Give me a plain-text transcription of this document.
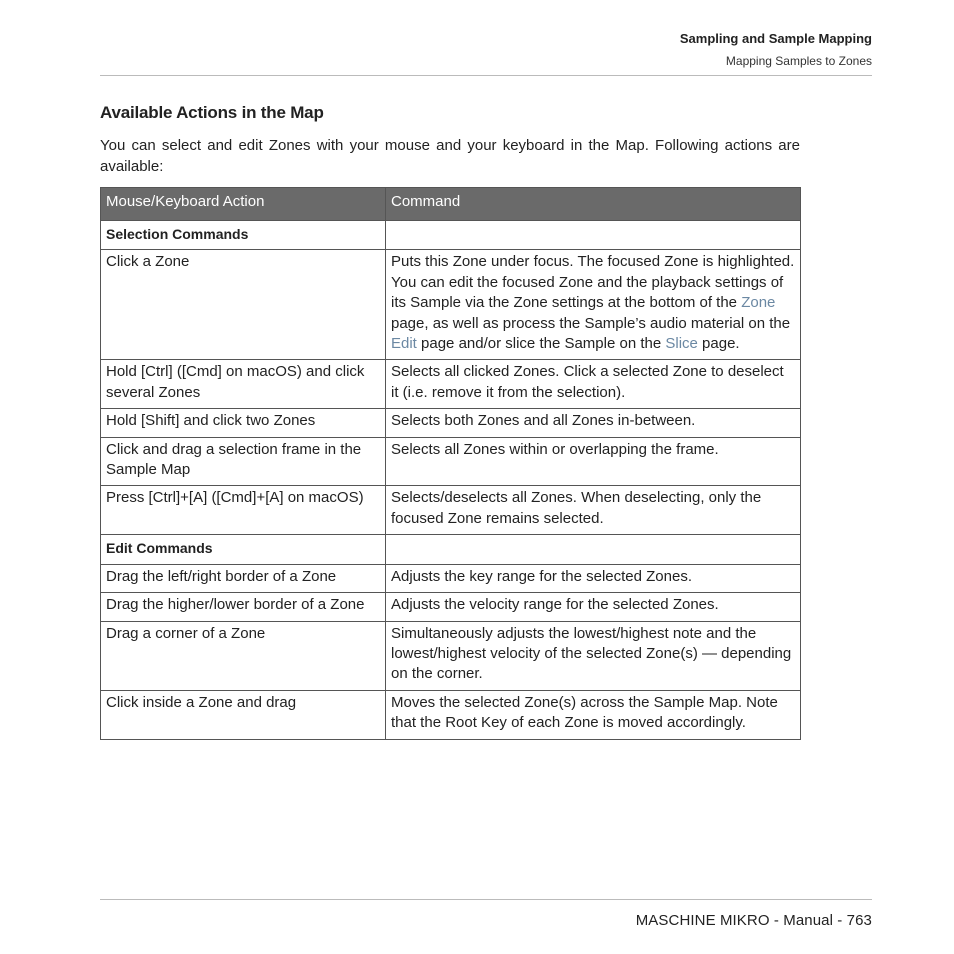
Sampling and Sample Mapping
Mapping Samples to Zones
Available Actions in the Map
You can select and edit Zones with your mouse and your keyboard in the Map. Following actions are available:
Mouse/Keyboard Action	Command
Selection Commands	
Click a Zone	Puts this Zone under focus. The focused Zone is highlighted. You can edit the focused Zone and the playback settings of its Sample via the Zone settings at the bottom of the Zone page, as well as process the Sample’s audio material on the Edit page and/or slice the Sample on the Slice page.
Hold [Ctrl] ([Cmd] on macOS) and click several Zones	Selects all clicked Zones. Click a selected Zone to deselect it (i.e. remove it from the selection).
Hold [Shift] and click two Zones	Selects both Zones and all Zones in-between.
Click and drag a selection frame in the Sample Map	Selects all Zones within or overlapping the frame.
Press [Ctrl]+[A] ([Cmd]+[A] on macOS)	Selects/deselects all Zones. When deselecting, only the focused Zone remains selected.
Edit Commands	
Drag the left/right border of a Zone	Adjusts the key range for the selected Zones.
Drag the higher/lower border of a Zone	Adjusts the velocity range for the selected Zones.
Drag a corner of a Zone	Simultaneously adjusts the lowest/highest note and the lowest/highest velocity of the selected Zone(s) — depending on the corner.
Click inside a Zone and drag	Moves the selected Zone(s) across the Sample Map. Note that the Root Key of each Zone is moved accordingly.
MASCHINE MIKRO - Manual - 763
